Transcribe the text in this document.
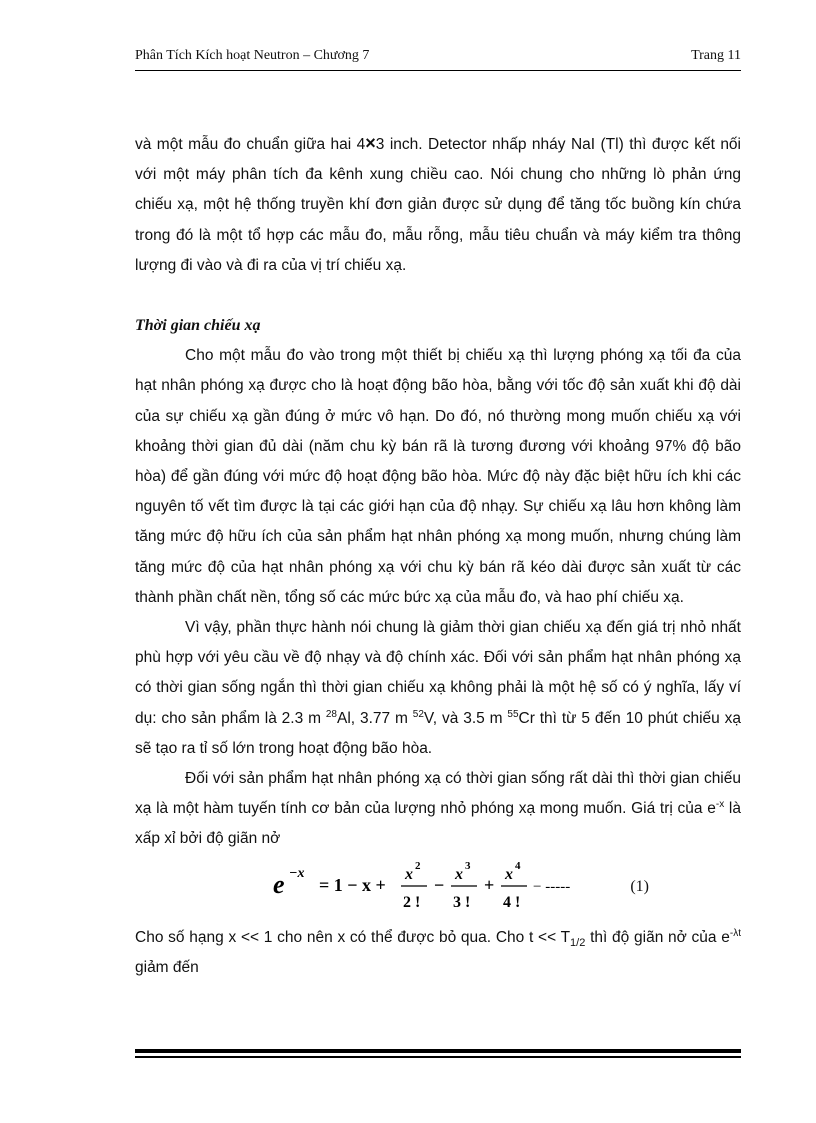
Phân Tích Kích hoạt Neutron – Chương 7	Trang 11

và một mẫu đo chuẩn giữa hai 4×3 inch. Detector nhấp nháy NaI (Tl) thì được kết nối với một máy phân tích đa kênh xung chiều cao. Nói chung cho những lò phản ứng chiếu xạ, một hệ thống truyền khí đơn giản được sử dụng để tăng tốc buồng kín chứa trong đó là một tổ hợp các mẫu đo, mẫu rỗng, mẫu tiêu chuẩn và máy kiểm tra thông lượng đi vào và đi ra của vị trí chiếu xạ.

Thời gian chiếu xạ

Cho một mẫu đo vào trong một thiết bị chiếu xạ thì lượng phóng xạ tối đa của hạt nhân phóng xạ được cho là hoạt động bão hòa, bằng với tốc độ sản xuất khi độ dài của sự chiếu xạ gần đúng ở mức vô hạn. Do đó, nó thường mong muốn chiếu xạ với khoảng thời gian đủ dài (năm chu kỳ bán rã là tương đương với khoảng 97% độ bão hòa) để gần đúng với mức độ hoạt động bão hòa. Mức độ này đặc biệt hữu ích khi các nguyên tố vết tìm được là tại các giới hạn của độ nhạy. Sự chiếu xạ lâu hơn không làm tăng mức độ hữu ích của sản phẩm hạt nhân phóng xạ mong muốn, nhưng chúng làm tăng mức độ của hạt nhân phóng xạ với chu kỳ bán rã kéo dài được sản xuất từ các thành phần chất nền, tổng số các mức bức xạ của mẫu đo, và hao phí chiếu xạ.

Vì vậy, phần thực hành nói chung là giảm thời gian chiếu xạ đến giá trị nhỏ nhất phù hợp với yêu cầu về độ nhạy và độ chính xác. Đối với sản phẩm hạt nhân phóng xạ có thời gian sống ngắn thì thời gian chiếu xạ không phải là một hệ số có ý nghĩa, lấy ví dụ: cho sản phẩm là 2.3 m $^{28}$Al, 3.77 m $^{52}$V, và 3.5 m $^{55}$Cr thì từ 5 đến 10 phút chiếu xạ sẽ tạo ra tỉ số lớn trong hoạt động bão hòa.

Đối với sản phẩm hạt nhân phóng xạ có thời gian sống rất dài thì thời gian chiếu xạ là một hàm tuyến tính cơ bản của lượng nhỏ phóng xạ mong muốn. Giá trị của $e^{-x}$ là xấp xỉ bởi độ giãn nở

e −x
= 1 − x +
x 2
2 !
−
x 3
3 !
+
x 4
4 !
− -----	(1)

Cho số hạng x << 1 cho nên x có thể được bỏ qua. Cho $t << T_{1/2}$ thì độ giãn nở của $e^{-\lambda t}$ giảm đến
